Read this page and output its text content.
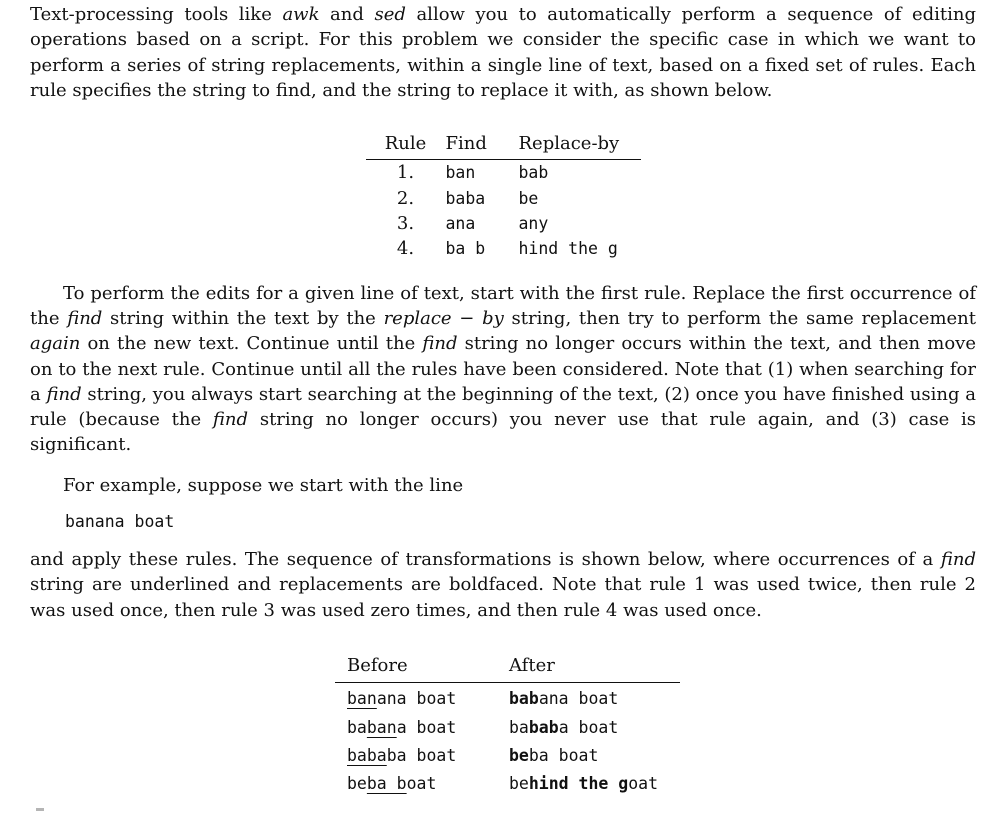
Text-processing tools like awk and sed allow you to automatically perform a sequence of editing operations based on a script. For this problem we consider the specific case in which we want to perform a series of string replacements, within a single line of text, based on a fixed set of rules. Each rule specifies the string to find, and the string to replace it with, as shown below.

Rule	Find	Replace-by
1.	ban	bab
2.	baba	be
3.	ana	any
4.	ba b	hind the g

To perform the edits for a given line of text, start with the first rule. Replace the first occurrence of the find string within the text by the replace − by string, then try to perform the same replacement again on the new text. Continue until the find string no longer occurs within the text, and then move on to the next rule. Continue until all the rules have been considered. Note that (1) when searching for a find string, you always start searching at the beginning of the text, (2) once you have finished using a rule (because the find string no longer occurs) you never use that rule again, and (3) case is significant.

For example, suppose we start with the line

banana boat

and apply these rules. The sequence of transformations is shown below, where occurrences of a find string are underlined and replacements are boldfaced. Note that rule 1 was used twice, then rule 2 was used once, then rule 3 was used zero times, and then rule 4 was used once.

Before	After
banana boat	babana boat
babana boat	bababa boat
bababa boat	beba boat
beba boat	behind the goat
